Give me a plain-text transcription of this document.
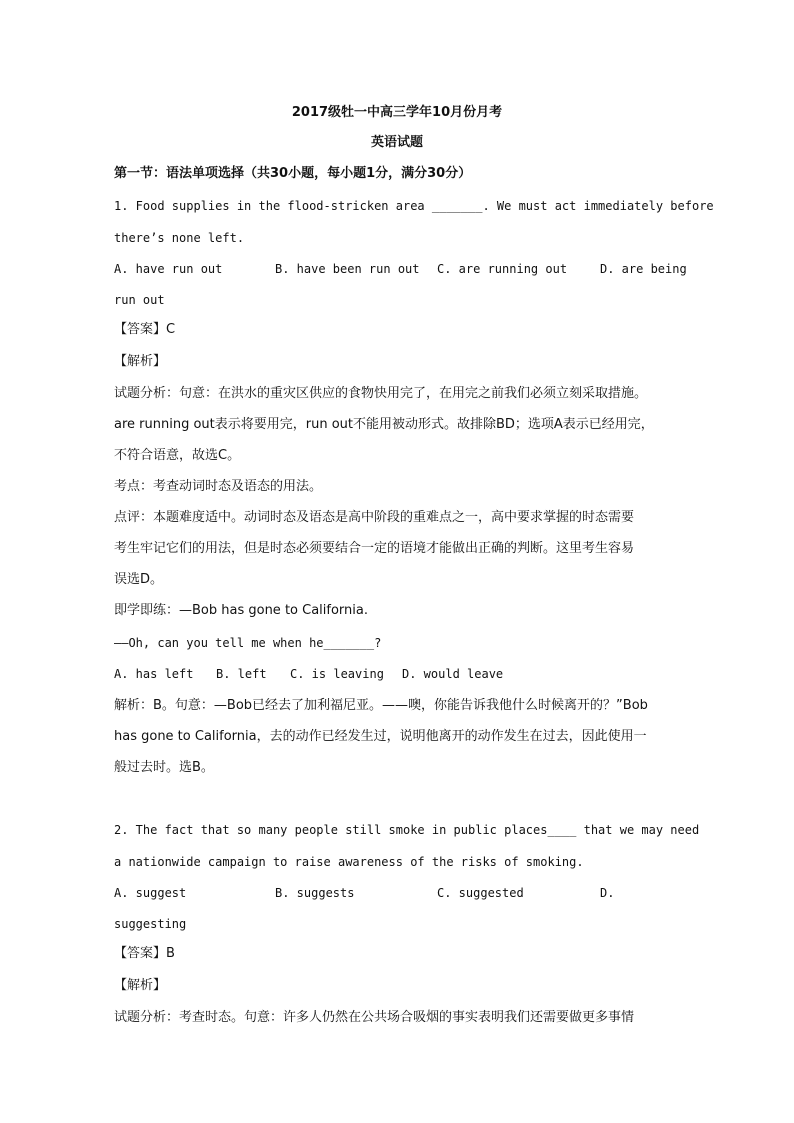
2017级牡一中高三学年10月份月考
英语试题
第一节：语法单项选择（共30小题，每小题1分，满分30分）
1. Food supplies in the flood-stricken area _______. We must act immediately before
there’s none left.
A. have run out	B. have been run out C. are running out	D. are being
run out
【答案】C
【解析】
试题分析：句意：在洪水的重灾区供应的食物快用完了，在用完之前我们必须立刻采取措施。
are running out表示将要用完，run out不能用被动形式。故排除BD；选项A表示已经用完，
不符合语意，故选C。
考点：考查动词时态及语态的用法。
点评：本题难度适中。动词时态及语态是高中阶段的重难点之一，高中要求掌握的时态需要
考生牢记它们的用法，但是时态必须要结合一定的语境才能做出正确的判断。这里考生容易
误选D。
即学即练：—Bob has gone to California.
——Oh, can you tell me when he_______?
A. has left B. left C. is leaving D. would leave
解析：B。句意：—Bob已经去了加利福尼亚。——噢，你能告诉我他什么时候离开的？”Bob
has gone to California，去的动作已经发生过，说明他离开的动作发生在过去，因此使用一
般过去时。选B。
2. The fact that so many people still smoke in public places____ that we may need
a nationwide campaign to raise awareness of the risks of smoking.
A. suggest	B. suggests	C. suggested	D.
suggesting
【答案】B
【解析】
试题分析：考查时态。句意：许多人仍然在公共场合吸烟的事实表明我们还需要做更多事情
